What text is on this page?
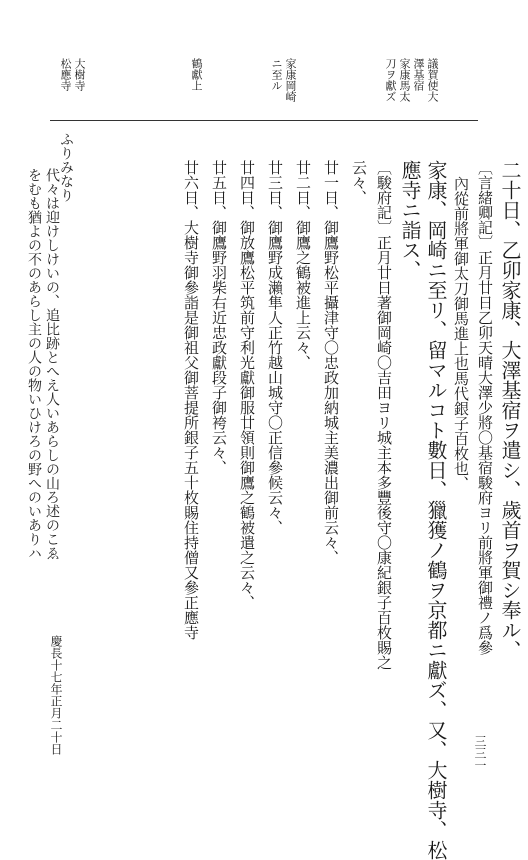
議賀使大
澤基宿
家康馬太
刀ヲ獻ズ
家康岡崎
ニ至ル
鶴獻上
大樹寺
松應寺
ふりみなり
代々は迎けしけいの、追比跡とへえ人いあらしの山ろ述のこゑ
をむも猶よの不のあらし主の人の物いひけろの野へのいありハ	二十日、乙卯家康、大澤基宿ヲ遣シ、歲首ヲ賀シ奉ル、
〔言緒卿記〕正月廿日乙卯天晴大澤少將〇基宿駿府ヨリ前將軍御禮ノ爲參
內從前將軍御太刀御馬進上也馬代銀子百枚也、
家康、岡崎ニ至リ、留マルコト數日、獵獲ノ鶴ヲ京都ニ獻ズ、又、大樹寺、松
應寺ニ詣ス、
〔駿府記〕正月廿日著御岡崎〇吉田ヨリ城主本多豐後守〇康紀銀子百枚賜之
云々、
廿一日、御鷹野松平攝津守〇忠政加納城主美濃出御前云々、
廿二日、御鷹之鶴被進上云々、
廿三日、御鷹野成瀨隼人正竹越山城守〇正信參候云々、
廿四日、御放鷹松平筑前守利光獻御服廿領則御鷹之鶴被遣之云々、
廿五日、御鷹野羽柴右近忠政獻段子御袴云々、
廿六日、大樹寺御參詣是御祖父御菩提所銀子五十枚賜住持僧又參正應寺
慶長十七年正月二十日	三三一
